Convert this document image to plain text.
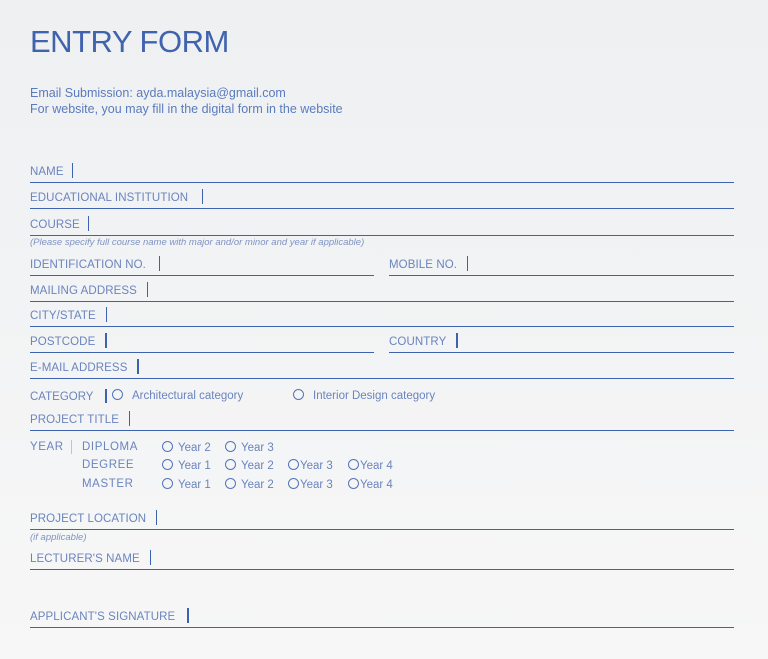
ENTRY FORM
Email Submission: ayda.malaysia@gmail.com
For website, you may fill in the digital form in the website
NAME
EDUCATIONAL INSTITUTION
COURSE
(Please specify full course name with major and/or minor and year if applicable)
IDENTIFICATION NO.	MOBILE NO.
MAILING ADDRESS
CITY/STATE
POSTCODE	COUNTRY
E-MAIL ADDRESS
CATEGORY	Architectural category	Interior Design category
PROJECT TITLE
YEAR DIPLOMA	Year 2	Year 3
DEGREE	Year 1	Year 2	Year 3	Year 4
MASTER	Year 1	Year 2	Year 3	Year 4
PROJECT LOCATION
(if applicable)
LECTURER'S NAME
APPLICANT'S SIGNATURE
